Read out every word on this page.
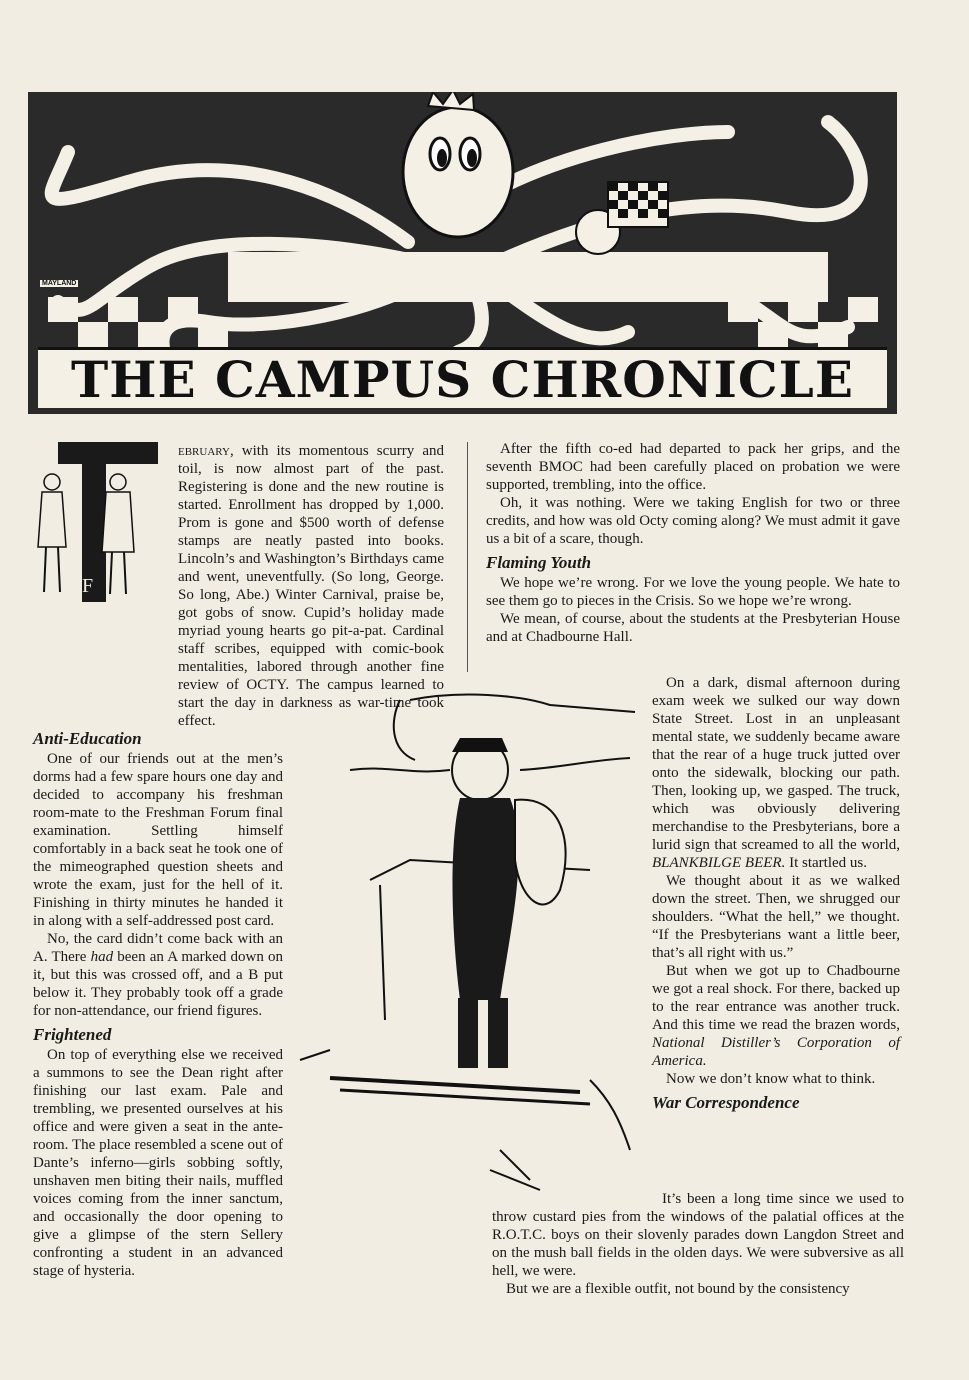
MAYLAND
THE CAMPUS CHRONICLE
F

ebruary, with its momentous scurry and toil, is now almost part of the past. Registering is done and the new routine is started. Enrollment has dropped by 1,000. Prom is gone and $500 worth of defense stamps are neatly pasted into books. Lincoln’s and Washington’s Birthdays came and went, uneventfully. (So long, George. So long, Abe.) Winter Carnival, praise be, got gobs of snow. Cupid’s holiday made myriad young hearts go pit-a-pat. Cardinal staff scribes, equipped with comic-book mentalities, labored through another fine review of OCTY. The campus learned to start the day in darkness as war-time took effect.

Anti-Education

One of our friends out at the men’s dorms had a few spare hours one day and decided to accompany his freshman room-mate to the Freshman Forum final examination. Settling himself comfortably in a back seat he took one of the mimeographed question sheets and wrote the exam, just for the hell of it. Finishing in thirty minutes he handed it in along with a self-addressed post card.

No, the card didn’t come back with an A. There had been an A marked down on it, but this was crossed off, and a B put below it. They probably took off a grade for non-attendance, our friend figures.

Frightened

On top of everything else we received a summons to see the Dean right after finishing our last exam. Pale and trembling, we presented ourselves at his office and were given a seat in the ante-room. The place resembled a scene out of Dante’s inferno—girls sobbing softly, unshaven men biting their nails, muffled voices coming from the inner sanctum, and occasionally the door opening to give a glimpse of the stern Sellery confronting a student in an advanced stage of hysteria.

After the fifth co-ed had departed to pack her grips, and the seventh BMOC had been carefully placed on probation we were supported, trembling, into the office.

Oh, it was nothing. Were we taking English for two or three credits, and how was old Octy coming along? We must admit it gave us a bit of a scare, though.

Flaming Youth

We hope we’re wrong. For we love the young people. We hate to see them go to pieces in the Crisis. So we hope we’re wrong.

We mean, of course, about the students at the Presbyterian House and at Chadbourne Hall.

On a dark, dismal afternoon during exam week we sulked our way down State Street. Lost in an unpleasant mental state, we suddenly became aware that the rear of a huge truck jutted over onto the sidewalk, blocking our path. Then, looking up, we gasped. The truck, which was obviously delivering merchandise to the Presbyterians, bore a lurid sign that screamed to all the world, BLANKBILGE BEER. It startled us.

We thought about it as we walked down the street. Then, we shrugged our shoulders. “What the hell,” we thought. “If the Presbyterians want a little beer, that’s all right with us.”

But when we got up to Chadbourne we got a real shock. For there, backed up to the rear entrance was another truck. And this time we read the brazen words, National Distiller’s Corporation of America.

Now we don’t know what to think.

War Correspondence

It’s been a long time since we used to throw custard pies from the windows of the palatial offices at the R.O.T.C. boys on their slovenly parades down Langdon Street and on the mush ball fields in the olden days. We were subversive as all hell, we were.

But we are a flexible outfit, not bound by the consistency
